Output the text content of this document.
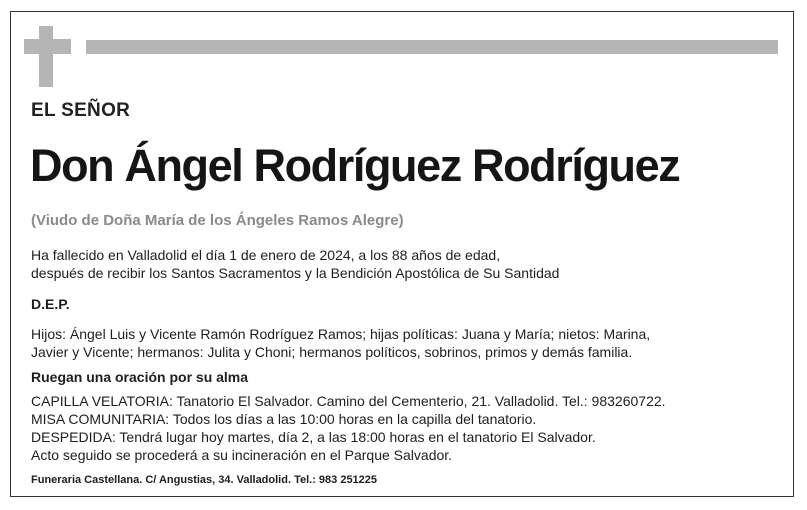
EL SEÑOR
Don Ángel Rodríguez Rodríguez
(Viudo de Doña María de los Ángeles Ramos Alegre)
Ha fallecido en Valladolid el día 1 de enero de 2024, a los 88 años de edad,
después de recibir los Santos Sacramentos y la Bendición Apostólica de Su Santidad
D.E.P.
Hijos: Ángel Luis y Vicente Ramón Rodríguez Ramos; hijas políticas: Juana y María; nietos: Marina,
Javier y Vicente; hermanos: Julita y Choni; hermanos políticos, sobrinos, primos y demás familia.
Ruegan una oración por su alma
CAPILLA VELATORIA: Tanatorio El Salvador. Camino del Cementerio, 21. Valladolid. Tel.: 983260722.
MISA COMUNITARIA: Todos los días a las 10:00 horas en la capilla del tanatorio.
DESPEDIDA: Tendrá lugar hoy martes, día 2, a las 18:00 horas en el tanatorio El Salvador.
Acto seguido se procederá a su incineración en el Parque Salvador.
Funeraria Castellana. C/ Angustias, 34. Valladolid. Tel.: 983 251225
